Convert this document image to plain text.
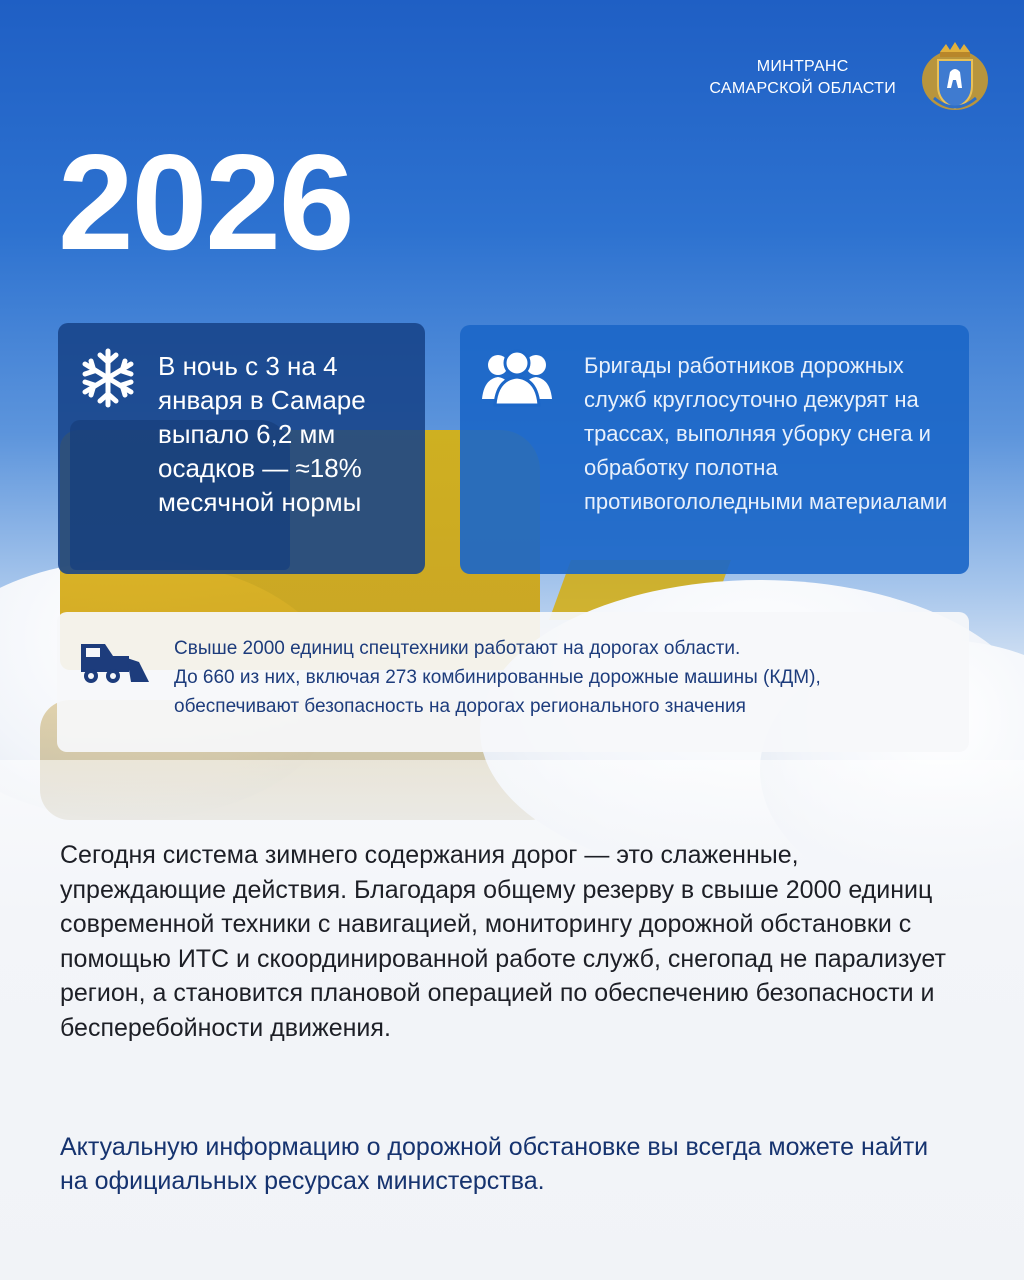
МИНТРАНС
САМАРСКОЙ ОБЛАСТИ
2026
В ночь с 3 на 4 января в Самаре выпало 6,2 мм осадков — ≈18% месячной нормы
Бригады работников дорожных служб круглосуточно дежурят на трассах, выполняя уборку снега и обработку полотна противогололедными материалами
Свыше 2000 единиц спецтехники работают на дорогах области.
До 660 из них, включая 273 комбинированные дорожные машины (КДМ),
обеспечивают безопасность на дорогах регионального значения
Сегодня система зимнего содержания дорог — это слаженные, упреждающие действия. Благодаря общему резерву в свыше 2000 единиц современной техники с навигацией, мониторингу дорожной обстановки с помощью ИТС и скоординированной работе служб, снегопад не парализует регион, а становится плановой операцией по обеспечению безопасности и бесперебойности движения.
Актуальную информацию о дорожной обстановке вы всегда можете найти на официальных ресурсах министерства.
